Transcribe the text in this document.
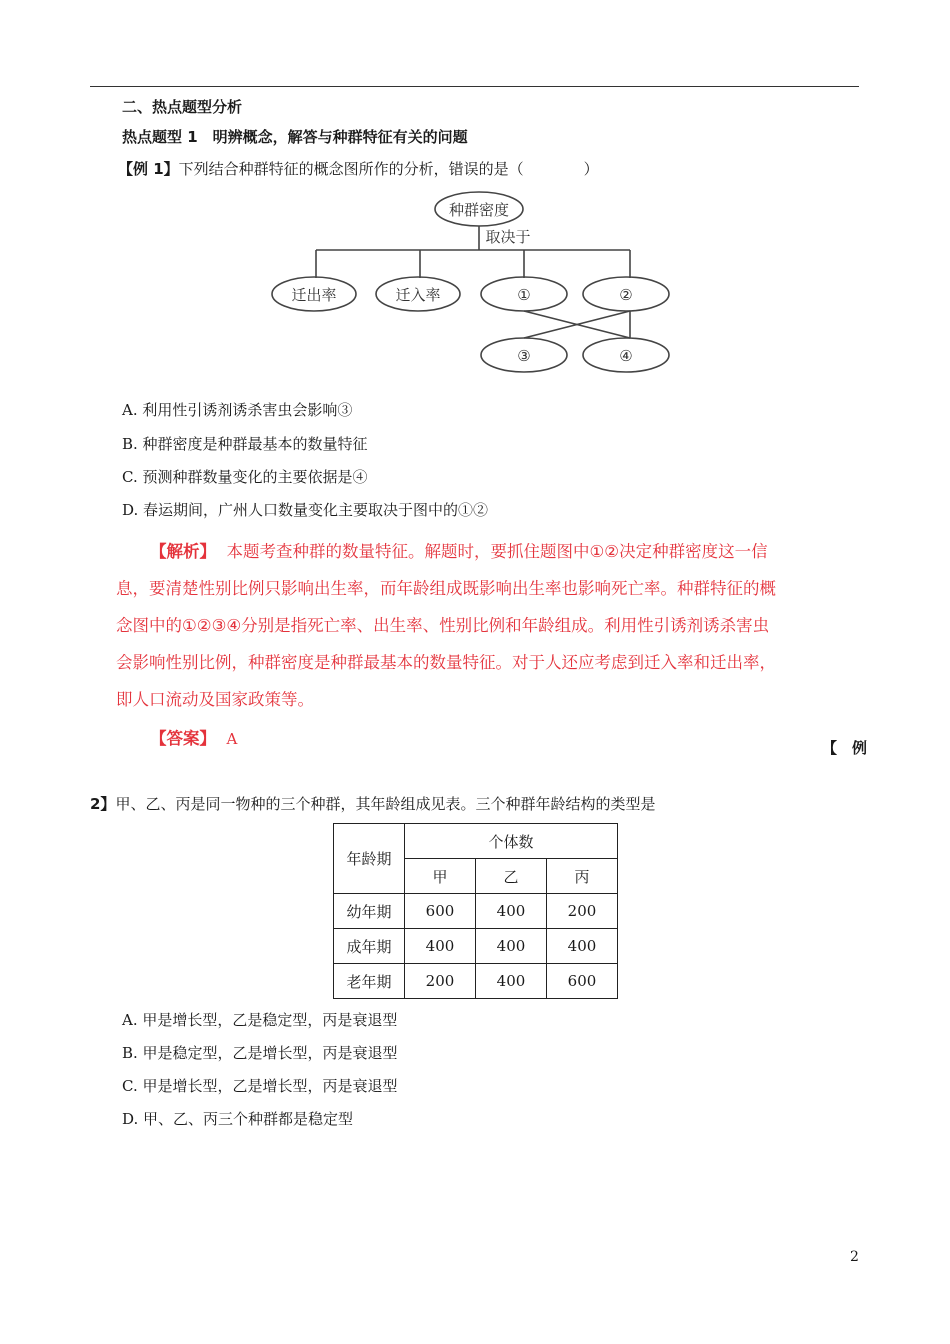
二、热点题型分析
热点题型 1　明辨概念，解答与种群特征有关的问题
【例 1】下列结合种群特征的概念图所作的分析，错误的是（　　　　）
种群密度
取决于
迁出率	迁入率	①	②
③	④
A. 利用性引诱剂诱杀害虫会影响③
B. 种群密度是种群最基本的数量特征
C. 预测种群数量变化的主要依据是④
D. 春运期间，广州人口数量变化主要取决于图中的①②
【解析】 本题考查种群的数量特征。解题时，要抓住题图中①②决定种群密度这一信
息，要清楚性别比例只影响出生率，而年龄组成既影响出生率也影响死亡率。种群特征的概
念图中的①②③④分别是指死亡率、出生率、性别比例和年龄组成。利用性引诱剂诱杀害虫
会影响性别比例，种群密度是种群最基本的数量特征。对于人还应考虑到迁入率和迁出率，
即人口流动及国家政策等。
【答案】 A	【　例
2】甲、乙、丙是同一物种的三个种群，其年龄组成见表。三个种群年龄结构的类型是
年龄期	个体数		
	甲	乙	丙
幼年期	600	400	200
成年期	400	400	400
老年期	200	400	600
A. 甲是增长型，乙是稳定型，丙是衰退型
B. 甲是稳定型，乙是增长型，丙是衰退型
C. 甲是增长型，乙是增长型，丙是衰退型
D. 甲、乙、丙三个种群都是稳定型
2
